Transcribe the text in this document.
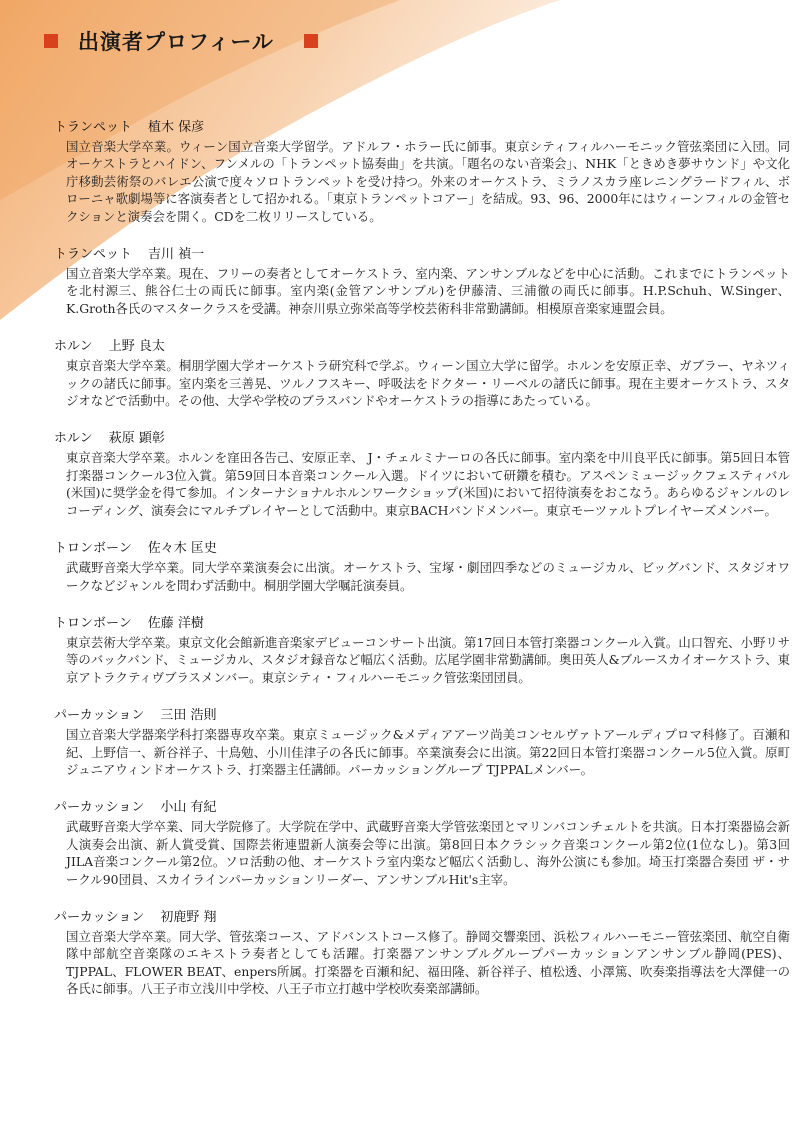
出演者プロフィール
トランペット 植木 保彦

国立音楽大学卒業。ウィーン国立音楽大学留学。アドルフ・ホラー氏に師事。東京シティフィルハーモニック管弦楽団に入団。同オーケストラとハイドン、フンメルの「トランペット協奏曲」を共演。「題名のない音楽会」、NHK「ときめき夢サウンド」や文化庁移動芸術祭のバレエ公演で度々ソロトランペットを受け持つ。外来のオーケストラ、ミラノスカラ座レニングラードフィル、ボローニャ歌劇場等に客演奏者として招かれる。「東京トランペットコアー」を結成。93、96、2000年にはウィーンフィルの金管セクションと演奏会を開く。CDを二枚リリースしている。

トランペット 吉川 禎一

国立音楽大学卒業。現在、フリーの奏者としてオーケストラ、室内楽、アンサンブルなどを中心に活動。これまでにトランペットを北村源三、熊谷仁士の両氏に師事。室内楽(金管アンサンブル)を伊藤清、三浦徹の両氏に師事。H.P.Schuh、W.Singer、K.Groth各氏のマスタークラスを受講。神奈川県立弥栄高等学校芸術科非常勤講師。相模原音楽家連盟会員。

ホルン 上野 良太

東京音楽大学卒業。桐朋学園大学オーケストラ研究科で学ぶ。ウィーン国立大学に留学。ホルンを安原正幸、ガブラー、ヤネツィックの諸氏に師事。室内楽を三善晃、ツルノフスキー、呼吸法をドクター・リーベルの諸氏に師事。現在主要オーケストラ、スタジオなどで活動中。その他、大学や学校のブラスバンドやオーケストラの指導にあたっている。

ホルン 萩原 顕彰

東京音楽大学卒業。ホルンを窪田各告己、安原正幸、 J・チェルミナーロの各氏に師事。室内楽を中川良平氏に師事。第5回日本管打楽器コンクール3位入賞。第59回日本音楽コンクール入選。ドイツにおいて研鑽を積む。アスペンミュージックフェスティバル(米国)に奨学金を得て参加。インターナショナルホルンワークショップ(米国)において招待演奏をおこなう。あらゆるジャンルのレコーディング、演奏会にマルチプレイヤーとして活動中。東京BACHバンドメンバー。東京モーツァルトプレイヤーズメンバー。

トロンボーン 佐々木 匡史

武蔵野音楽大学卒業。同大学卒業演奏会に出演。オーケストラ、宝塚・劇団四季などのミュージカル、ビッグバンド、スタジオワークなどジャンルを問わず活動中。桐朋学園大学嘱託演奏員。

トロンボーン 佐藤 洋樹

東京芸術大学卒業。東京文化会館新進音楽家デビューコンサート出演。第17回日本管打楽器コンクール入賞。山口智充、小野リサ等のバックバンド、ミュージカル、スタジオ録音など幅広く活動。広尾学園非常勤講師。奥田英人&ブルースカイオーケストラ、東京アトラクティヴブラスメンバー。東京シティ・フィルハーモニック管弦楽団団員。

パーカッション 三田 浩則

国立音楽大学器楽学科打楽器専攻卒業。東京ミュージック&メディアアーツ尚美コンセルヴァトアールディプロマ科修了。百瀬和紀、上野信一、新谷祥子、十鳥勉、小川佳津子の各氏に師事。卒業演奏会に出演。第22回日本管打楽器コンクール5位入賞。原町ジュニアウィンドオーケストラ、打楽器主任講師。パーカッショングループ TJPPALメンバー。

パーカッション 小山 有紀

武蔵野音楽大学卒業、同大学院修了。大学院在学中、武蔵野音楽大学管弦楽団とマリンバコンチェルトを共演。日本打楽器協会新人演奏会出演、新人賞受賞、国際芸術連盟新人演奏会等に出演。第8回日本クラシック音楽コンクール第2位(1位なし)。第3回JILA音楽コンクール第2位。ソロ活動の他、オーケストラ室内楽など幅広く活動し、海外公演にも参加。埼玉打楽器合奏団 ザ・サークル90団員、スカイラインパーカッションリーダー、アンサンブルHit's主宰。

パーカッション 初鹿野 翔

国立音楽大学卒業。同大学、管弦楽コース、アドバンストコース修了。静岡交響楽団、浜松フィルハーモニー管弦楽団、航空自衛隊中部航空音楽隊のエキストラ奏者としても活躍。打楽器アンサンブルグループパーカッションアンサンブル静岡(PES)、TJPPAL、FLOWER BEAT、enpers所属。打楽器を百瀬和紀、福田隆、新谷祥子、植松透、小澤篤、吹奏楽指導法を大澤健一の各氏に師事。八王子市立浅川中学校、八王子市立打越中学校吹奏楽部講師。
